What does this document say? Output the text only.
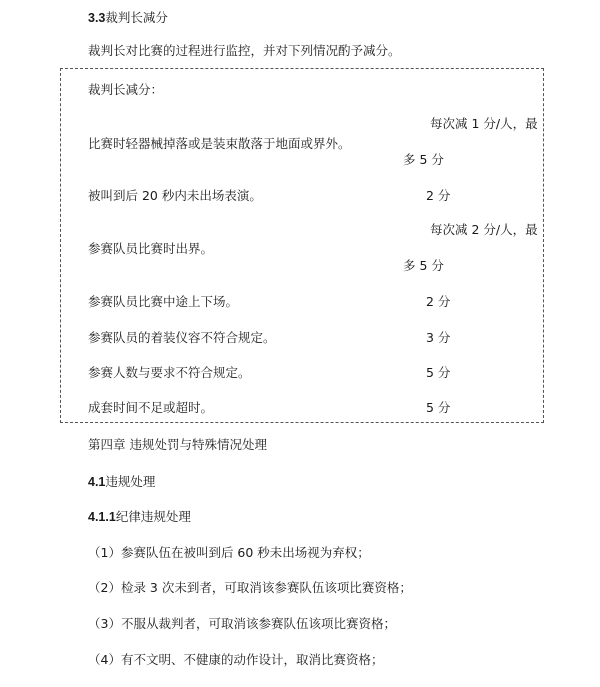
3.3裁判长减分
裁判长对比赛的过程进行监控，并对下列情况酌予减分。
裁判长减分：
比赛时轻器械掉落或是装束散落于地面或界外。
每次减 1 分/人，最
多 5 分
被叫到后 20 秒内未出场表演。	2 分
参赛队员比赛时出界。
每次减 2 分/人，最
多 5 分
参赛队员比赛中途上下场。	2 分
参赛队员的着装仪容不符合规定。	3 分
参赛人数与要求不符合规定。	5 分
成套时间不足或超时。	5 分
第四章 违规处罚与特殊情况处理
4.1违规处理
4.1.1纪律违规处理
（1）参赛队伍在被叫到后 60 秒未出场视为弃权；
（2）检录 3 次未到者，可取消该参赛队伍该项比赛资格；
（3）不服从裁判者，可取消该参赛队伍该项比赛资格；
（4）有不文明、不健康的动作设计，取消比赛资格；
